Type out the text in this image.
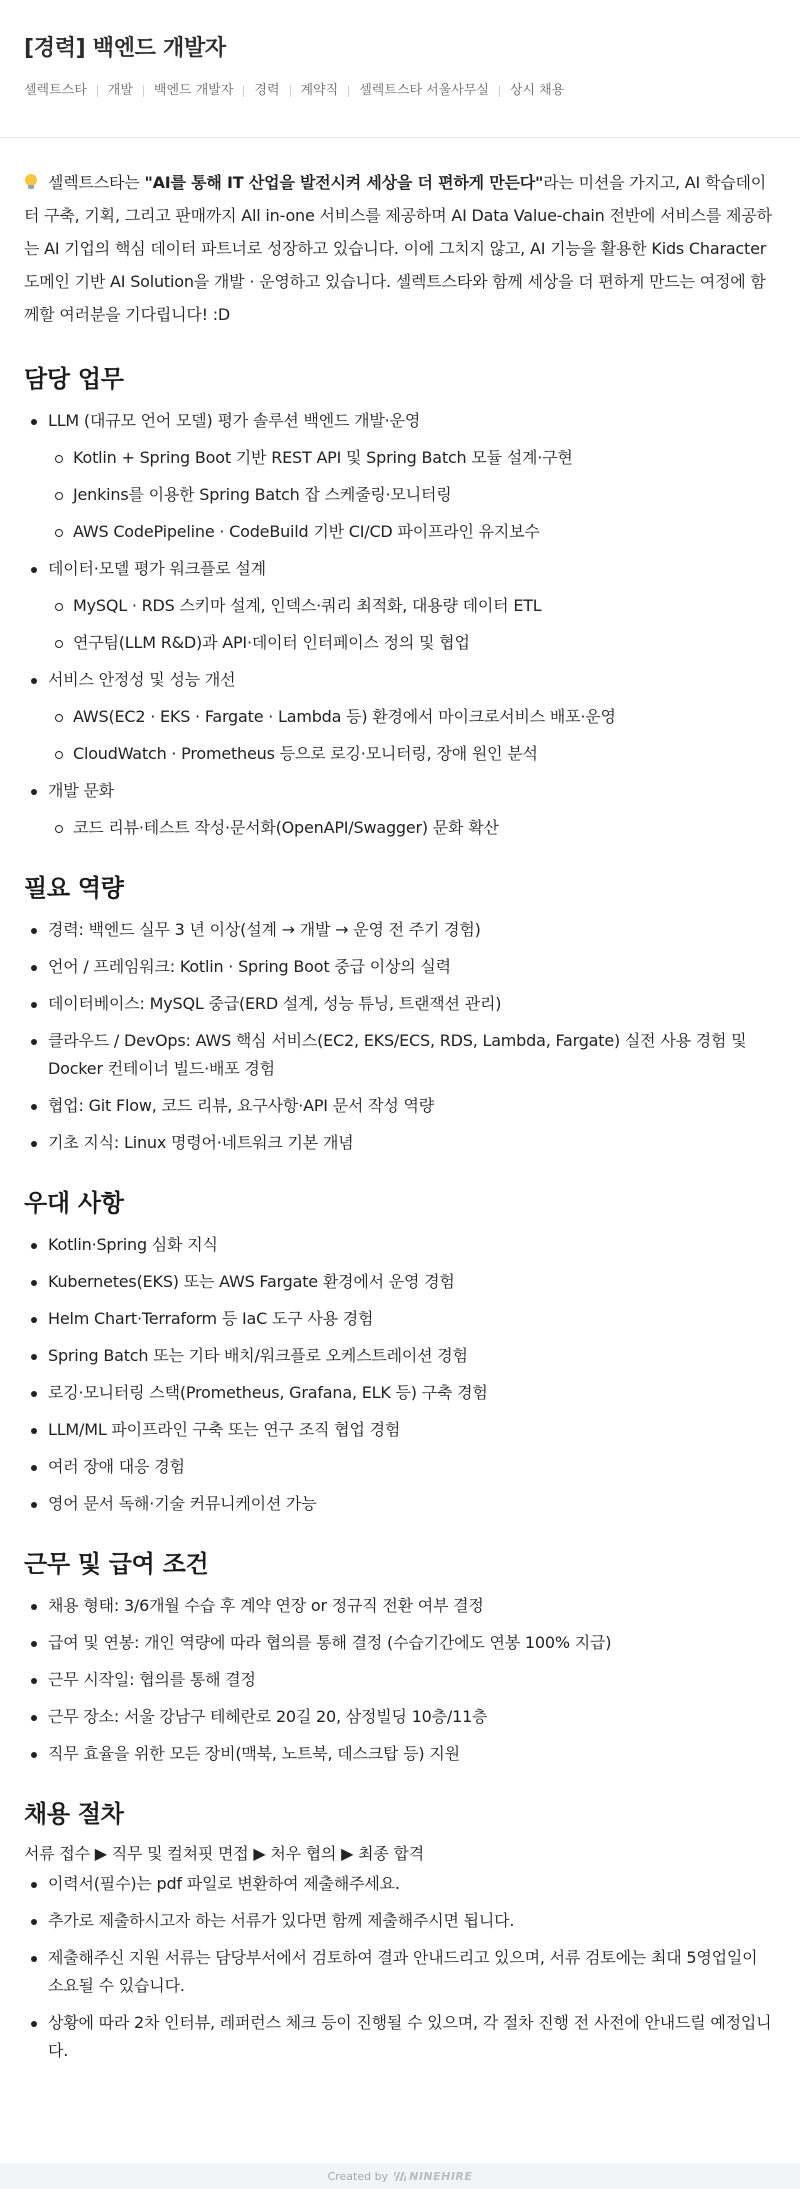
[경력] 백엔드 개발자
셀렉트스타	개발	백엔드 개발자	경력	계약직	셀렉트스타 서울사무실	상시 채용

셀렉트스타는 "AI를 통해 IT 산업을 발전시켜 세상을 더 편하게 만든다"라는 미션을 가지고, AI 학습데이터 구축, 기획, 그리고 판매까지 All in-one 서비스를 제공하며 AI Data Value-chain 전반에 서비스를 제공하는 AI 기업의 핵심 데이터 파트너로 성장하고 있습니다. 이에 그치지 않고, AI 기능을 활용한 Kids Character 도메인 기반 AI Solution을 개발 · 운영하고 있습니다. 셀렉트스타와 함께 세상을 더 편하게 만드는 여정에 함께할 여러분을 기다립니다! :D

담당 업무
LLM (대규모 언어 모델) 평가 솔루션 백엔드 개발·운영
Kotlin + Spring Boot 기반 REST API 및 Spring Batch 모듈 설계·구현
Jenkins를 이용한 Spring Batch 잡 스케줄링·모니터링
AWS CodePipeline · CodeBuild 기반 CI/CD 파이프라인 유지보수
데이터·모델 평가 워크플로 설계
MySQL · RDS 스키마 설계, 인덱스·쿼리 최적화, 대용량 데이터 ETL
연구팀(LLM R&D)과 API·데이터 인터페이스 정의 및 협업
서비스 안정성 및 성능 개선
AWS(EC2 · EKS · Fargate · Lambda 등) 환경에서 마이크로서비스 배포·운영
CloudWatch · Prometheus 등으로 로깅·모니터링, 장애 원인 분석
개발 문화
코드 리뷰·테스트 작성·문서화(OpenAPI/Swagger) 문화 확산
필요 역량
경력: 백엔드 실무 3 년 이상(설계 → 개발 → 운영 전 주기 경험)
언어 / 프레임워크: Kotlin · Spring Boot 중급 이상의 실력
데이터베이스: MySQL 중급(ERD 설계, 성능 튜닝, 트랜잭션 관리)
클라우드 / DevOps: AWS 핵심 서비스(EC2, EKS/ECS, RDS, Lambda, Fargate) 실전 사용 경험 및 Docker 컨테이너 빌드·배포 경험
협업: Git Flow, 코드 리뷰, 요구사항·API 문서 작성 역량
기초 지식: Linux 명령어·네트워크 기본 개념
우대 사항
Kotlin·Spring 심화 지식
Kubernetes(EKS) 또는 AWS Fargate 환경에서 운영 경험
Helm Chart·Terraform 등 IaC 도구 사용 경험
Spring Batch 또는 기타 배치/워크플로 오케스트레이션 경험
로깅·모니터링 스택(Prometheus, Grafana, ELK 등) 구축 경험
LLM/ML 파이프라인 구축 또는 연구 조직 협업 경험
여러 장애 대응 경험
영어 문서 독해·기술 커뮤니케이션 가능
근무 및 급여 조건
채용 형태: 3/6개월 수습 후 계약 연장 or 정규직 전환 여부 결정
급여 및 연봉: 개인 역량에 따라 협의를 통해 결정 (수습기간에도 연봉 100% 지급)
근무 시작일: 협의를 통해 결정
근무 장소: 서울 강남구 테헤란로 20길 20, 삼정빌딩 10층/11층
직무 효율을 위한 모든 장비(맥북, 노트북, 데스크탑 등) 지원
채용 절차

서류 접수 ▶ 직무 및 컬쳐핏 면접 ▶ 처우 협의 ▶ 최종 합격

이력서(필수)는 pdf 파일로 변환하여 제출해주세요.
추가로 제출하시고자 하는 서류가 있다면 함께 제출해주시면 됩니다.
제출해주신 지원 서류는 담당부서에서 검토하여 결과 안내드리고 있으며, 서류 검토에는 최대 5영업일이 소요될 수 있습니다.
상황에 따라 2차 인터뷰, 레퍼런스 체크 등이 진행될 수 있으며, 각 절차 진행 전 사전에 안내드릴 예정입니다.
Created by NINEHIRE
